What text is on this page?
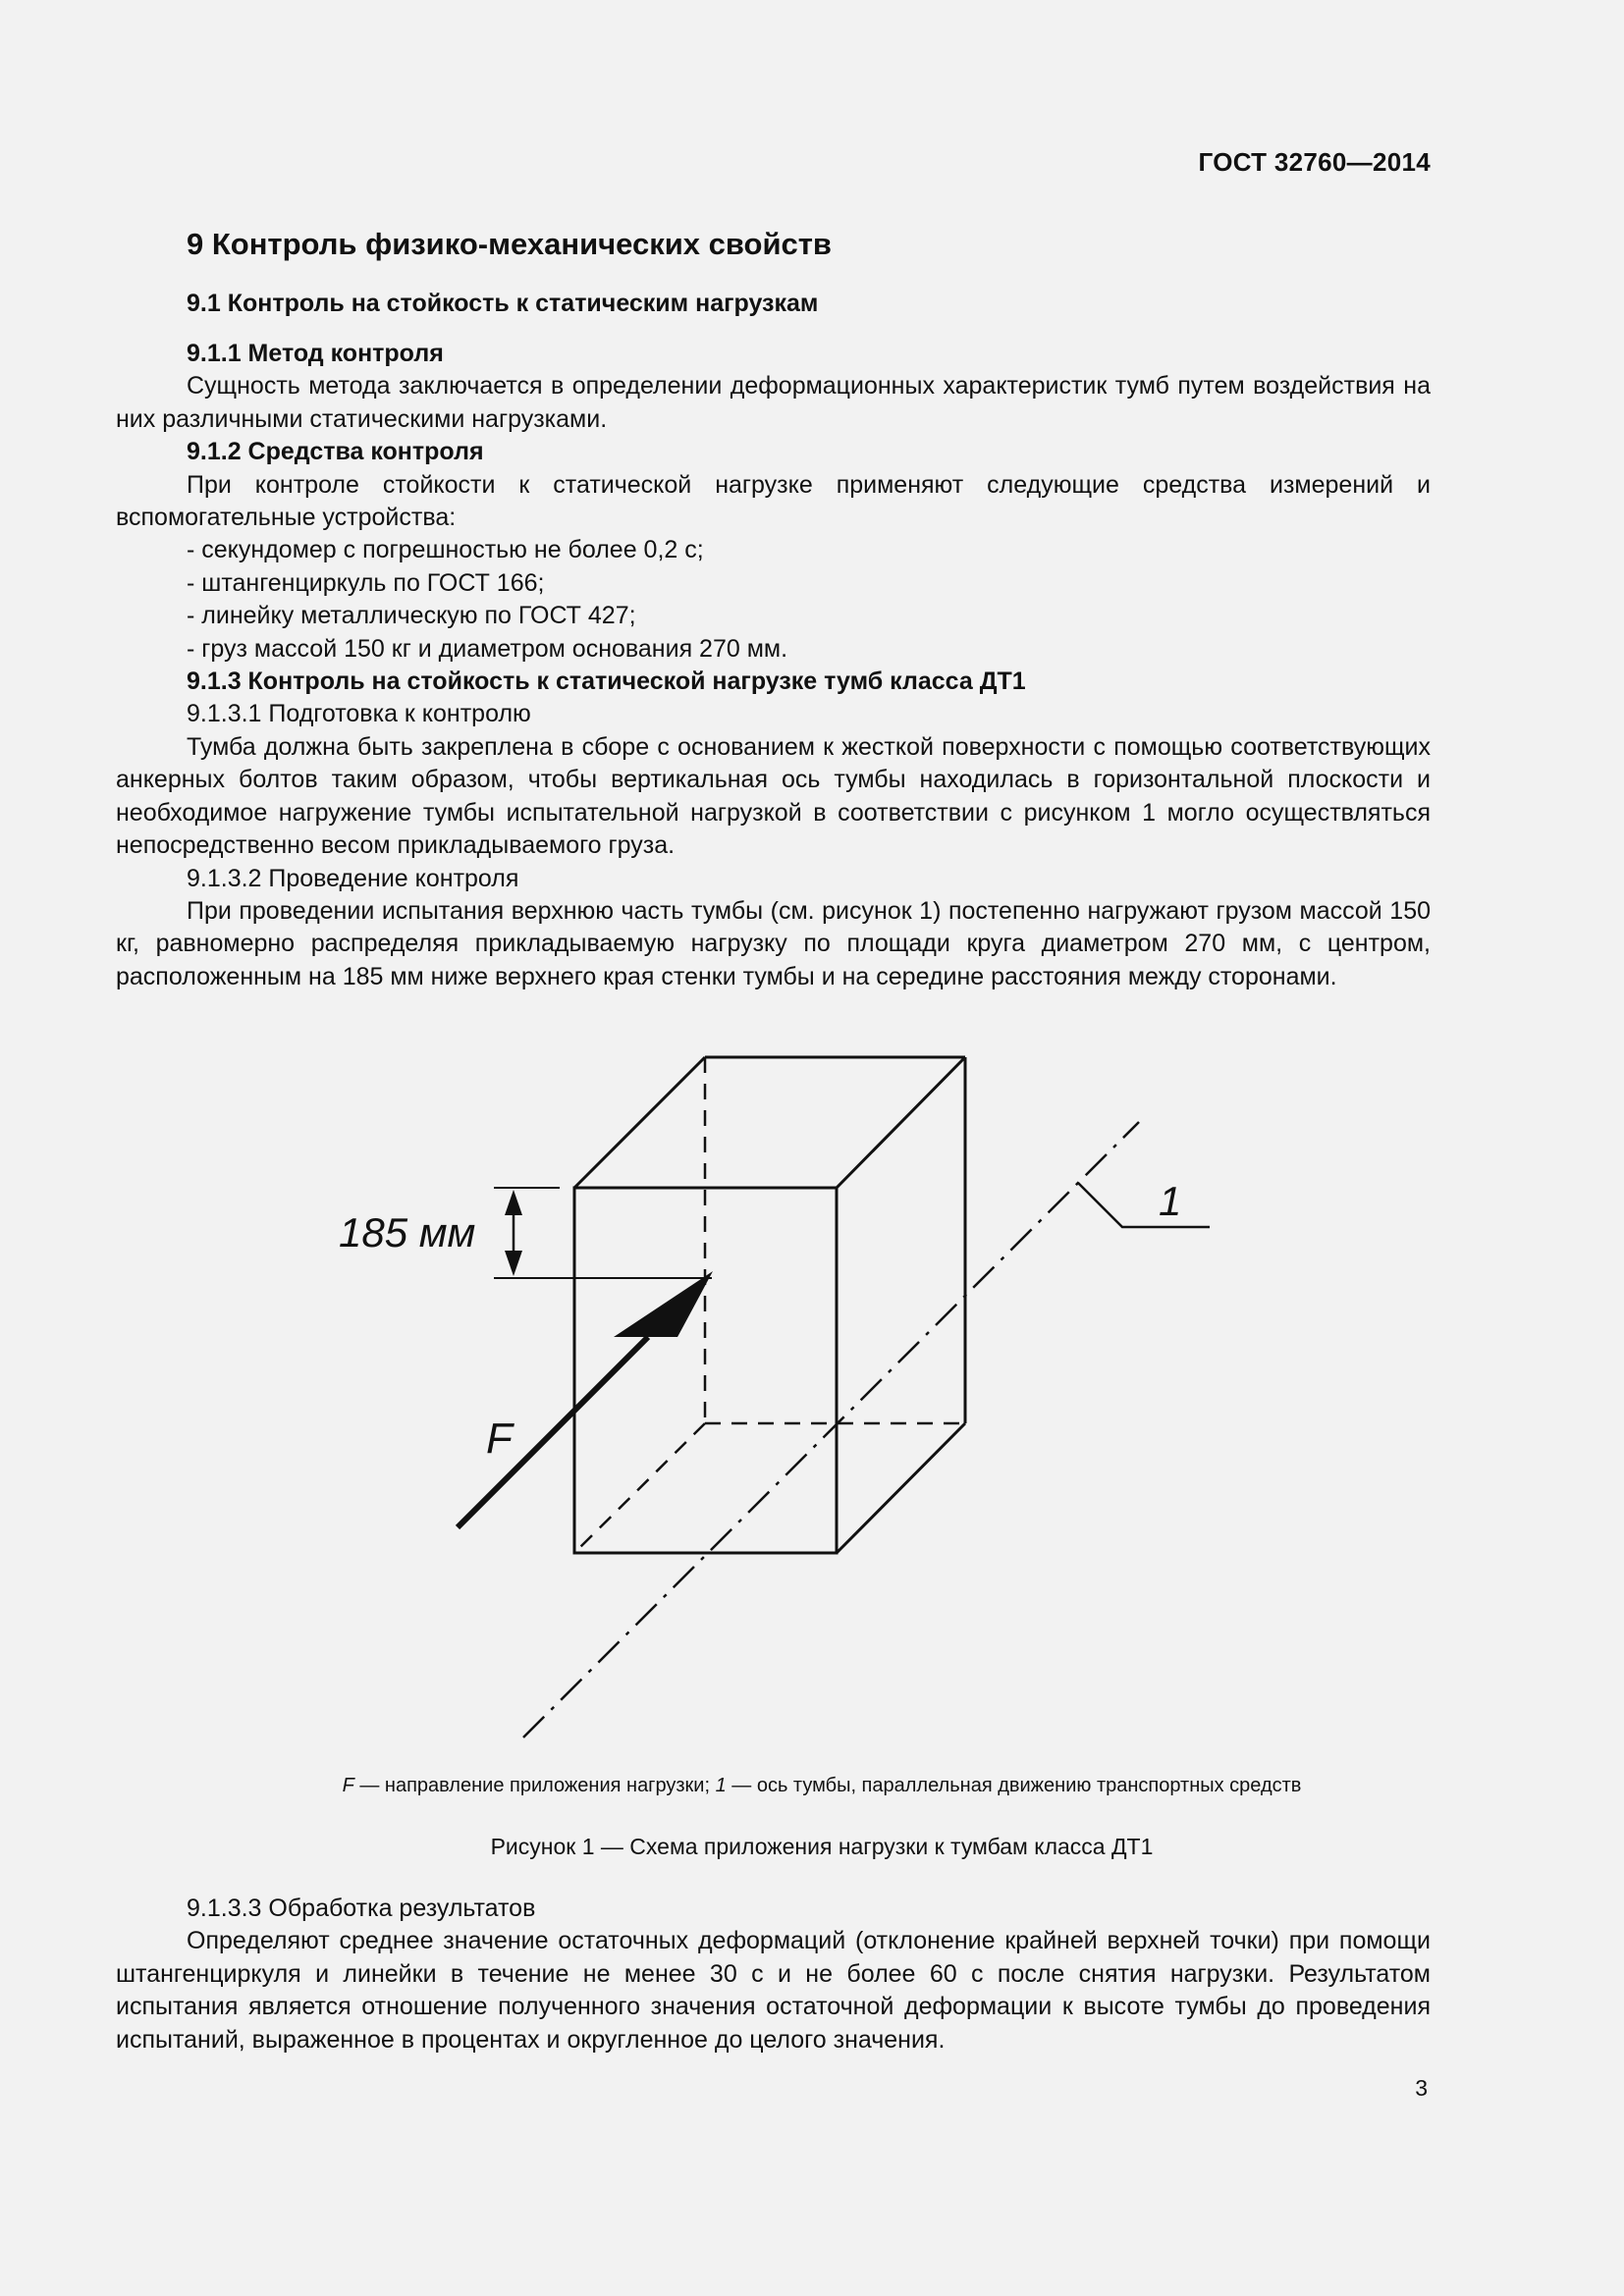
ГОСТ 32760—2014
9 Контроль физико-механических свойств
9.1 Контроль на стойкость к статическим нагрузкам
9.1.1 Метод контроля

Сущность метода заключается в определении деформационных характеристик тумб путем воздействия на них различными статическими нагрузками.

9.1.2 Средства контроля

При контроле стойкости к статической нагрузке применяют следующие средства измерений и вспомогательные устройства:

- секундомер с погрешностью не более 0,2 с;
- штангенциркуль по ГОСТ 166;
- линейку металлическую по ГОСТ 427;
- груз массой 150 кг и диаметром основания 270 мм.
9.1.3 Контроль на стойкость к статической нагрузке тумб класса ДТ1
9.1.3.1 Подготовка к контролю

Тумба должна быть закреплена в сборе с основанием к жесткой поверхности с помощью соответствующих анкерных болтов таким образом, чтобы вертикальная ось тумбы находилась в горизонтальной плоскости и необходимое нагружение тумбы испытательной нагрузкой в соответствии с рисунком 1 могло осуществляться непосредственно весом прикладываемого груза.

9.1.3.2 Проведение контроля

При проведении испытания верхнюю часть тумбы (см. рисунок 1) постепенно нагружают грузом массой 150 кг, равномерно распределяя прикладываемую нагрузку по площади круга диаметром 270 мм, с центром, расположенным на 185 мм ниже верхнего края стенки тумбы и на середине расстояния между сторонами.

185 мм
F
1
F — направление приложения нагрузки; 1 — ось тумбы, параллельная движению транспортных средств
Рисунок 1 — Схема приложения нагрузки к тумбам класса ДТ1
9.1.3.3 Обработка результатов

Определяют среднее значение остаточных деформаций (отклонение крайней верхней точки) при помощи штангенциркуля и линейки в течение не менее 30 с и не более 60 с после снятия нагрузки. Результатом испытания является отношение полученного значения остаточной деформации к высоте тумбы до проведения испытаний, выраженное в процентах и округленное до целого значения.

3
